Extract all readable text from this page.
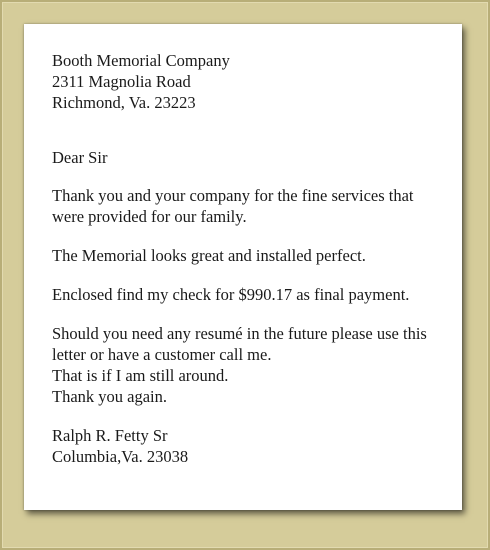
Booth Memorial Company
2311 Magnolia Road
Richmond, Va. 23223
Dear Sir
Thank you and your company for the fine services that
were provided for our family.
The Memorial looks great and installed perfect.
Enclosed find my check for $990.17 as final payment.
Should you need any resumé in the future please use this
letter or have a customer call me.
That is if I am still around.
Thank you again.
Ralph R. Fetty Sr
Columbia,Va. 23038
